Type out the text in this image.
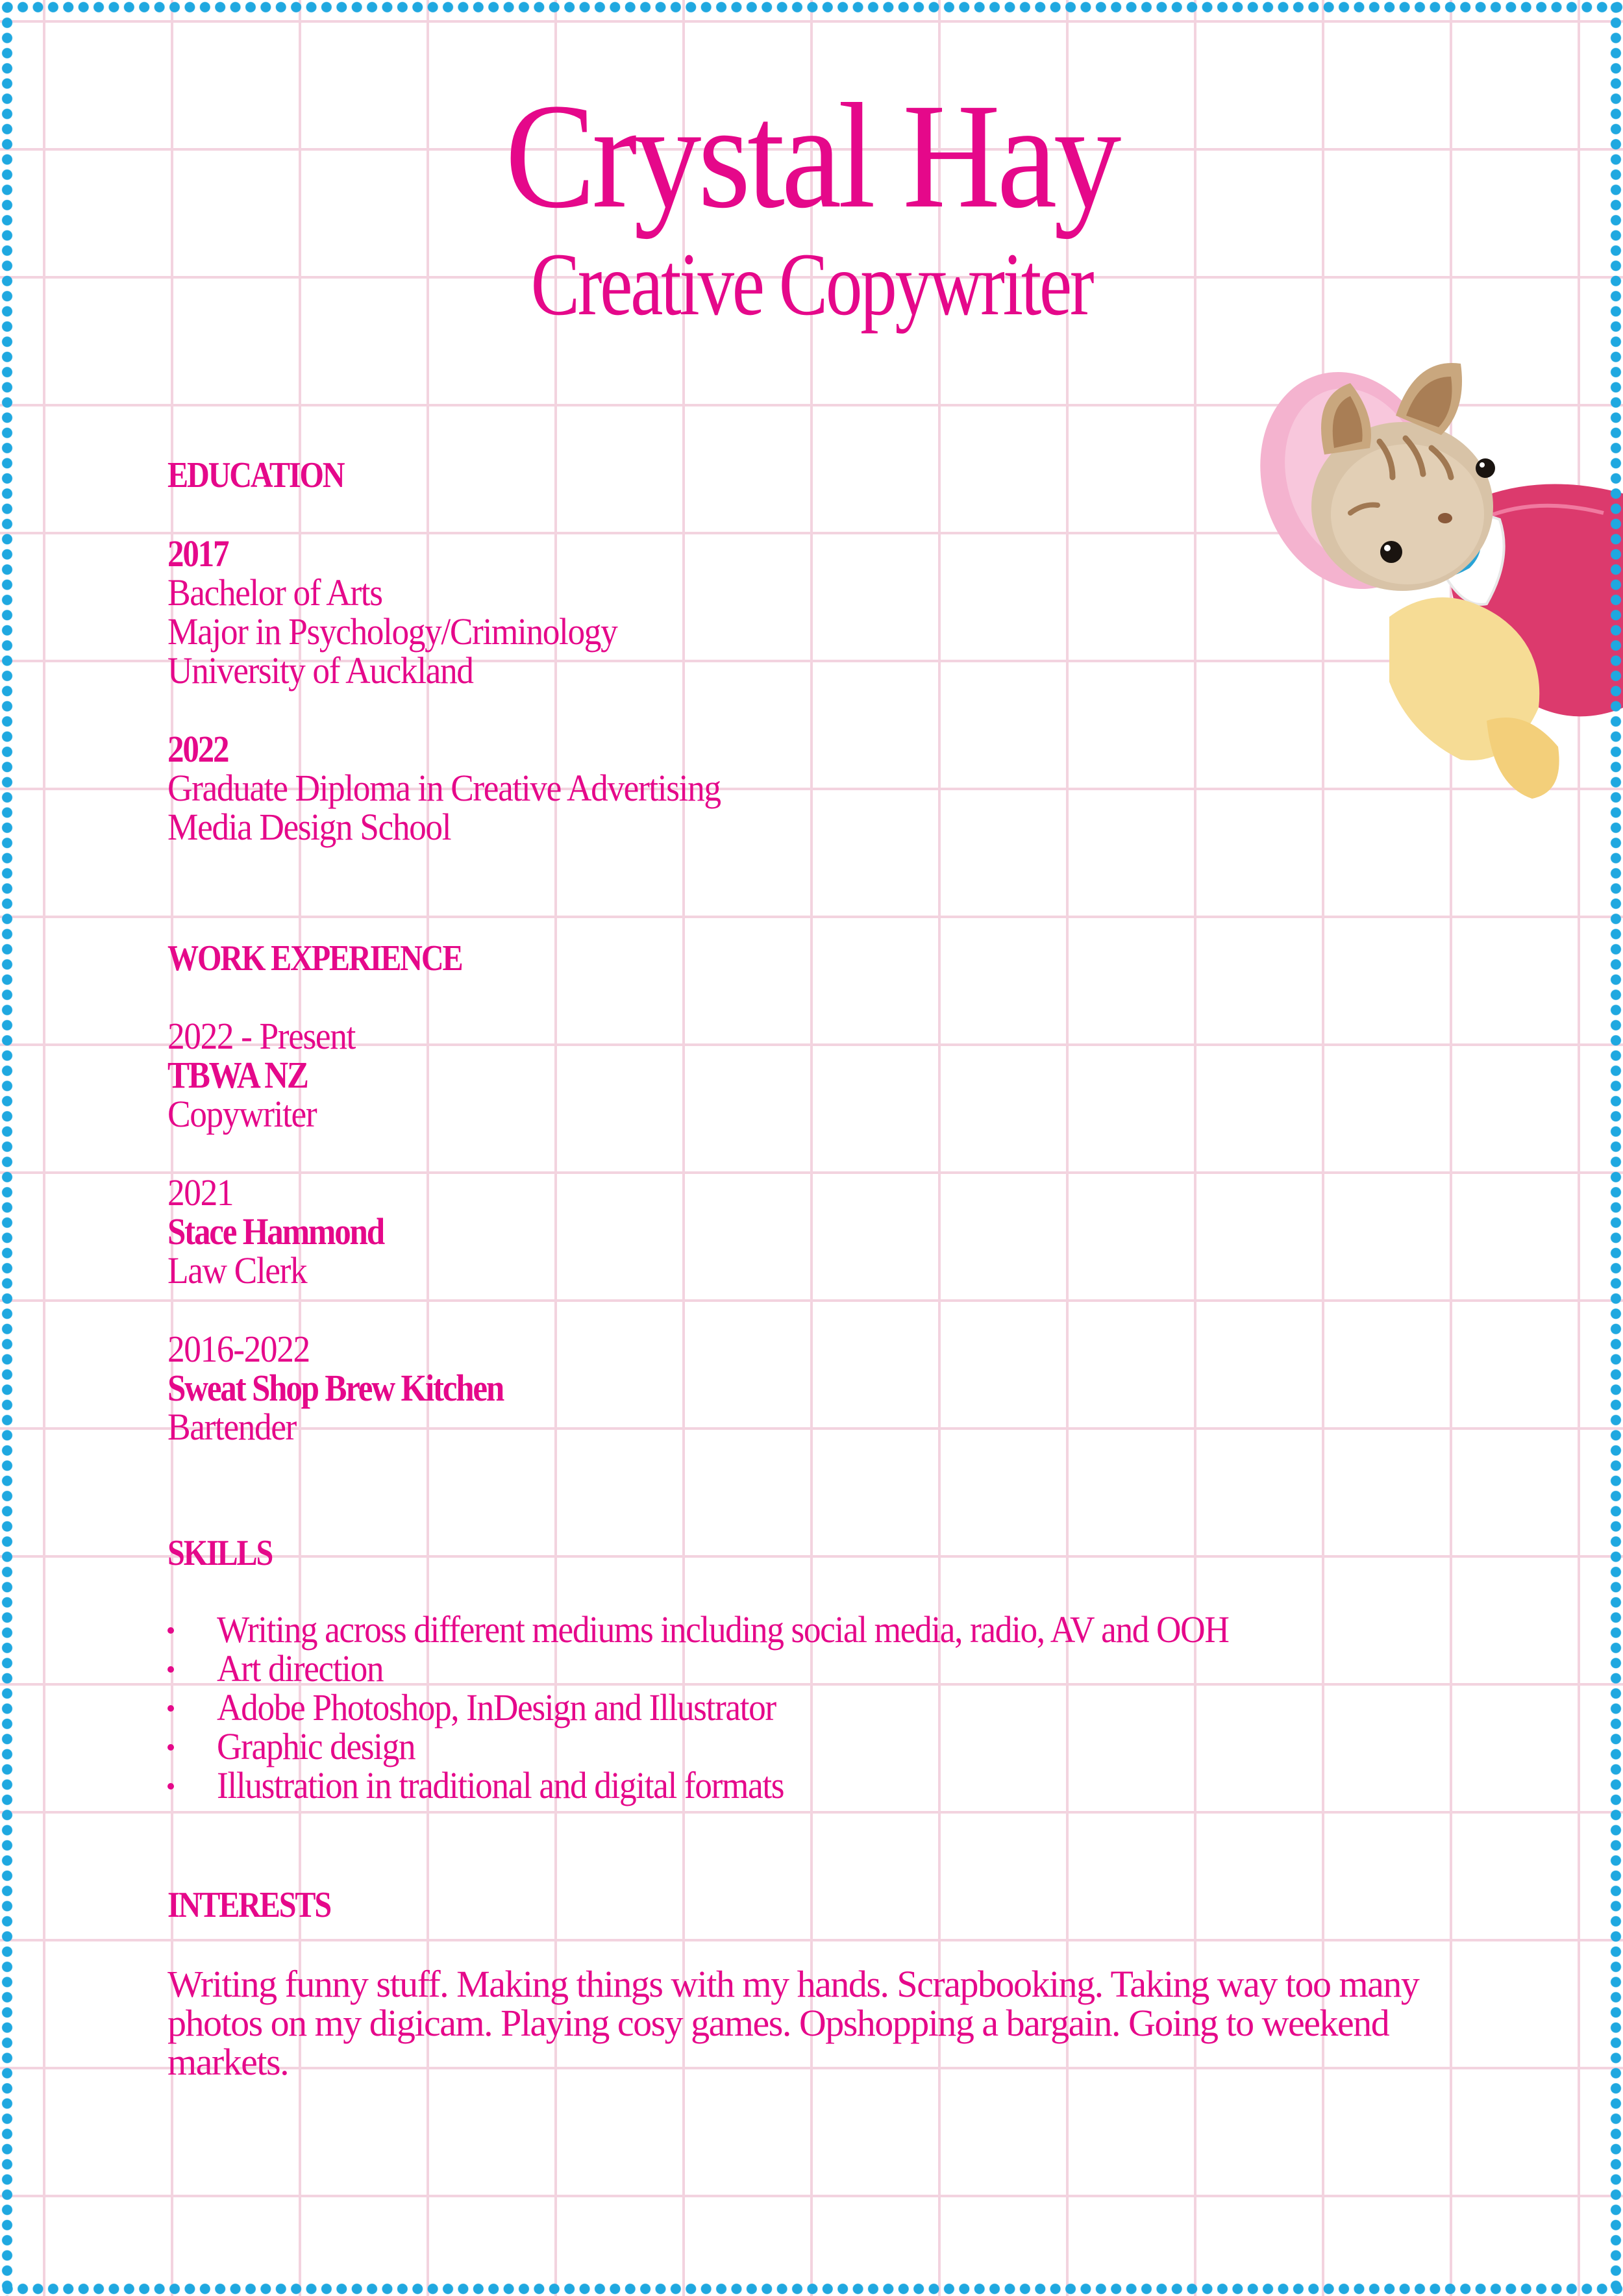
Crystal Hay
Creative Copywriter
EDUCATION
2017
Bachelor of Arts
Major in Psychology/Criminology
University of Auckland
2022
Graduate Diploma in Creative Advertising
Media Design School
WORK EXPERIENCE
2022 - Present
TBWA NZ
Copywriter
2021
Stace Hammond
Law Clerk
2016-2022
Sweat Shop Brew Kitchen
Bartender
SKILLS
Writing across different mediums including social media, radio, AV and OOH
Art direction
Adobe Photoshop, InDesign and Illustrator
Graphic design
Illustration in traditional and digital formats
INTERESTS

Writing funny stuff. Making things with my hands. Scrapbooking. Taking way too many photos on my digicam. Playing cosy games. Opshopping a bargain. Going to weekend markets.
